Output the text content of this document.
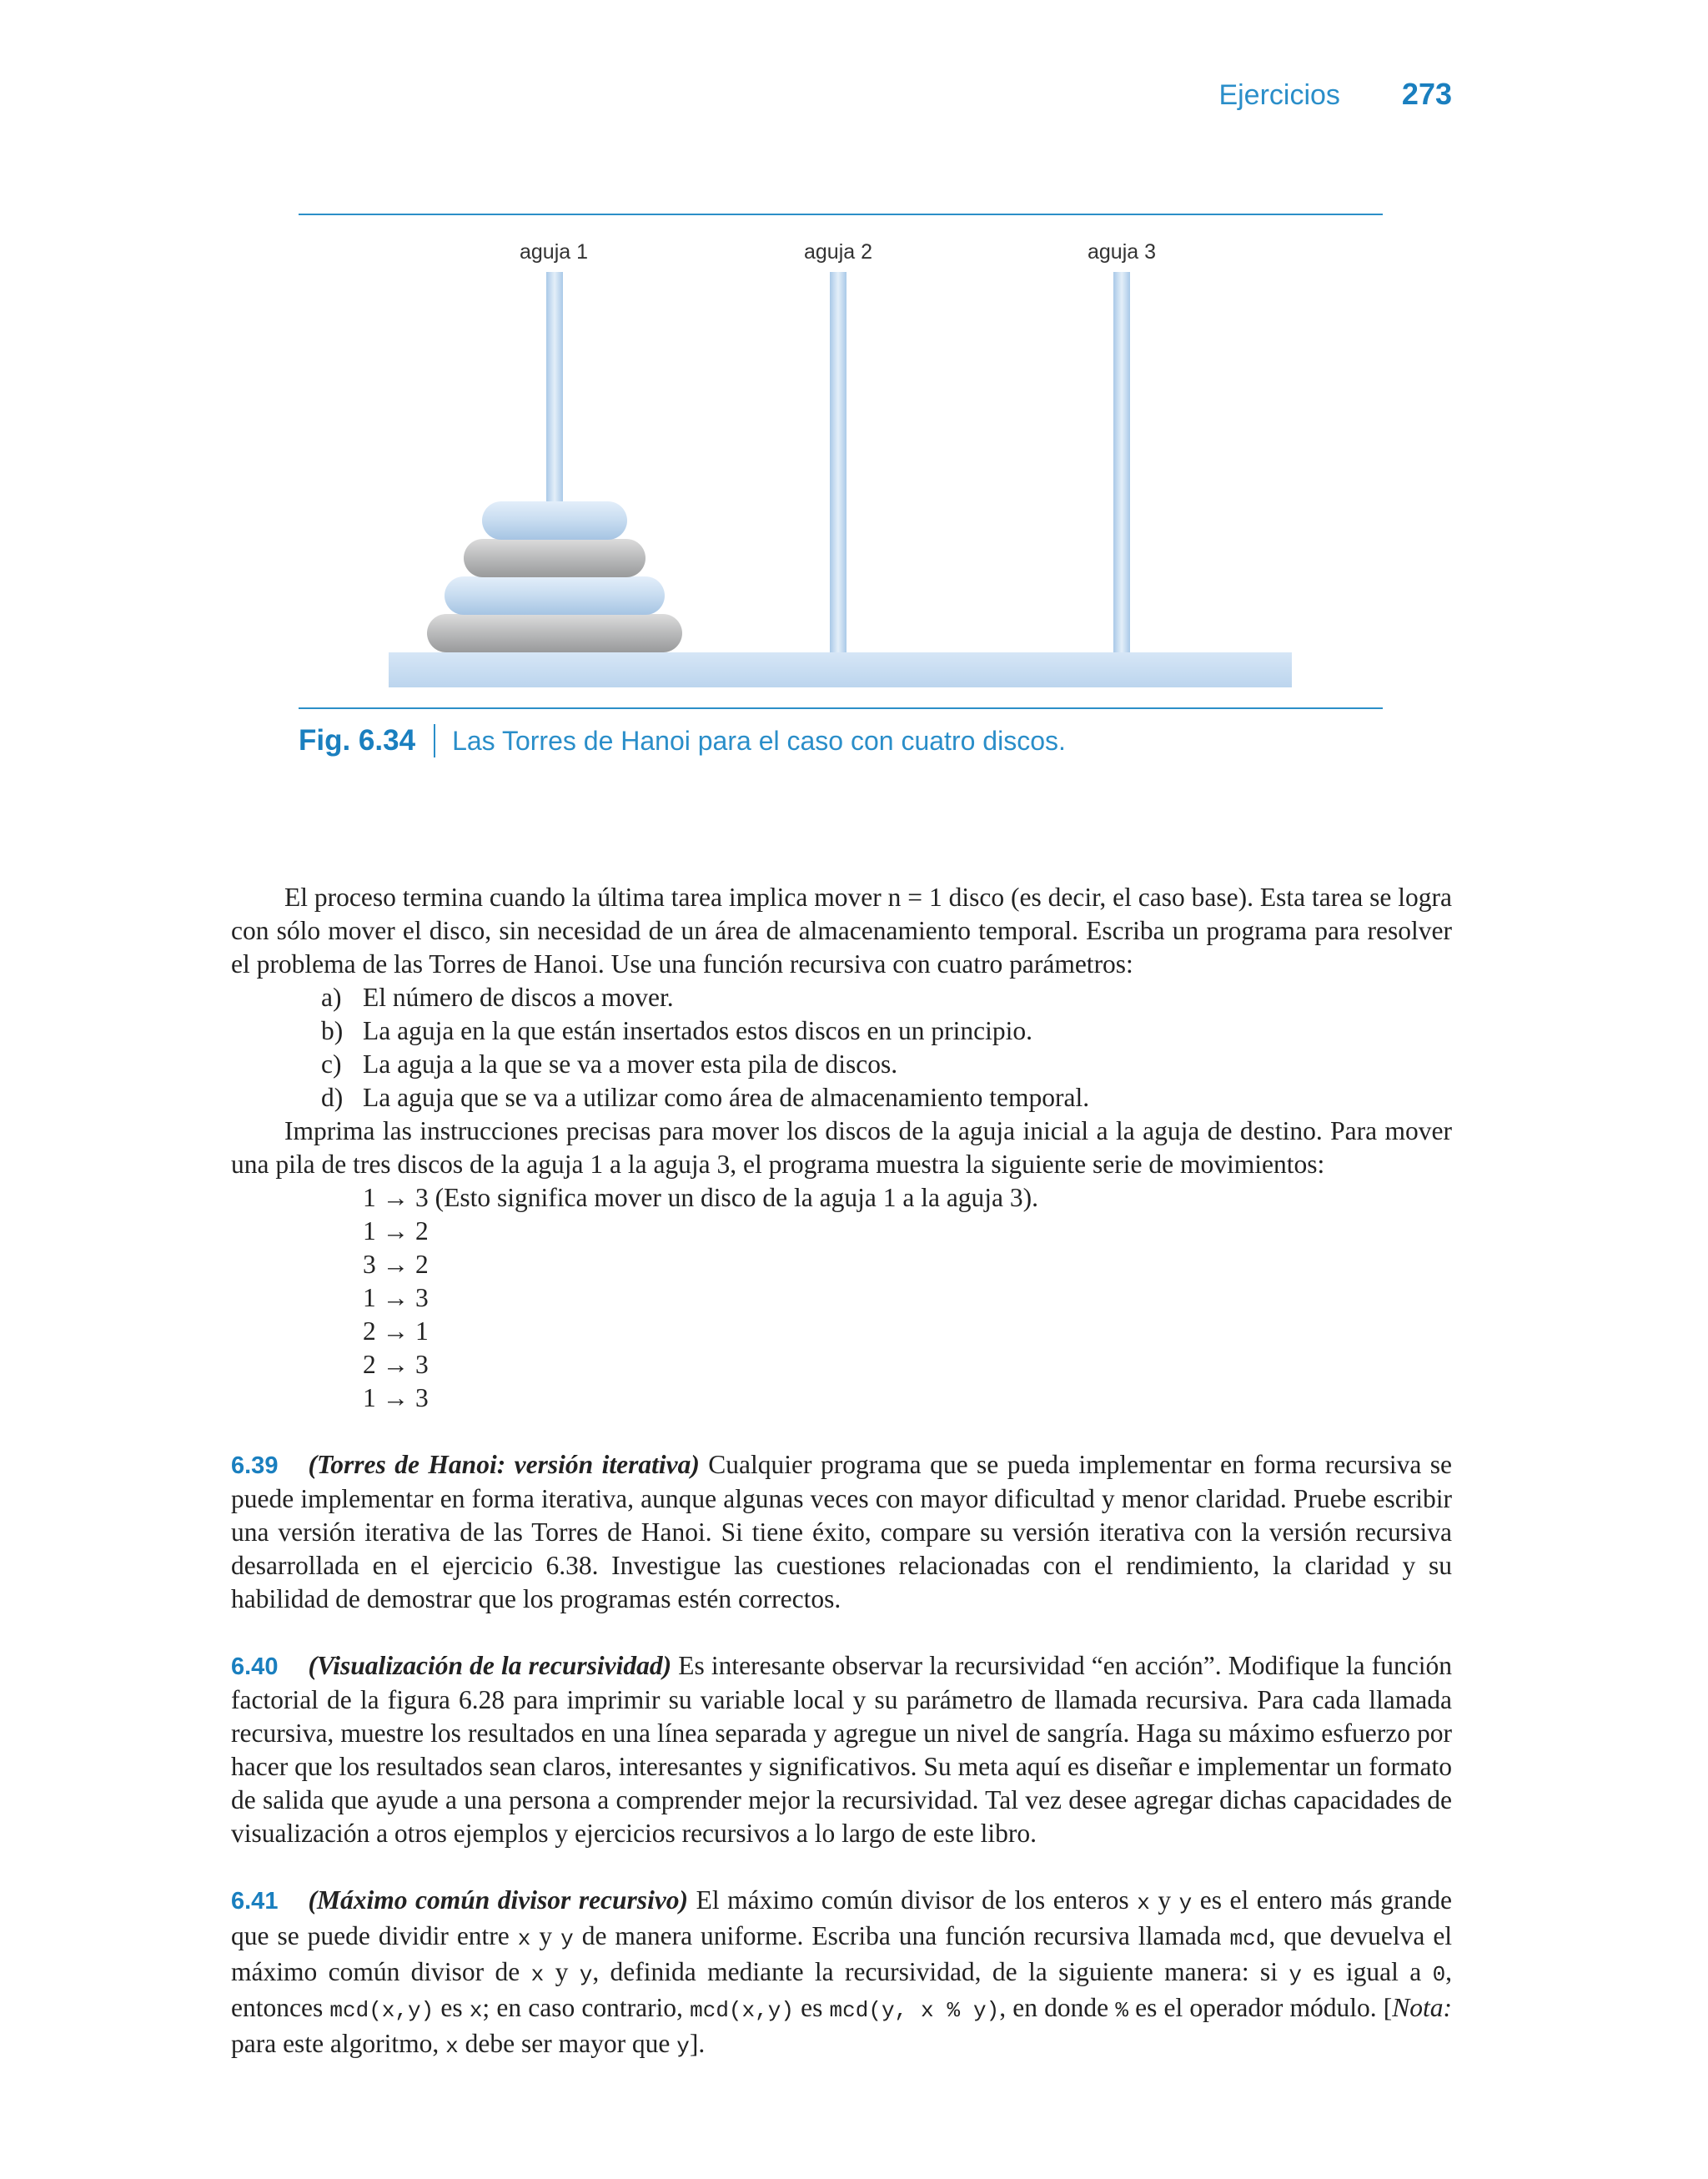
Ejercicios 273
aguja 1	aguja 2	aguja 3
Fig. 6.34 Las Torres de Hanoi para el caso con cuatro discos.

El proceso termina cuando la última tarea implica mover n = 1 disco (es decir, el caso base). Esta tarea se logra con sólo mover el disco, sin necesidad de un área de almacenamiento temporal. Escriba un programa para resolver el problema de las Torres de Hanoi. Use una función recursiva con cuatro parámetros:

a) El número de discos a mover.
b) La aguja en la que están insertados estos discos en un principio.
c) La aguja a la que se va a mover esta pila de discos.
d) La aguja que se va a utilizar como área de almacenamiento temporal.

Imprima las instrucciones precisas para mover los discos de la aguja inicial a la aguja de destino. Para mover una pila de tres discos de la aguja 1 a la aguja 3, el programa muestra la siguiente serie de movimientos:

1 → 3 (Esto significa mover un disco de la aguja 1 a la aguja 3).
1 → 2
3 → 2
1 → 3
2 → 1
2 → 3
1 → 3

6.39 (Torres de Hanoi: versión iterativa) Cualquier programa que se pueda implementar en forma recursiva se puede implementar en forma iterativa, aunque algunas veces con mayor dificultad y menor claridad. Pruebe escribir una versión iterativa de las Torres de Hanoi. Si tiene éxito, compare su versión iterativa con la versión recursiva desarrollada en el ejercicio 6.38. Investigue las cuestiones relacionadas con el rendimiento, la claridad y su habilidad de demostrar que los programas estén correctos.

6.40 (Visualización de la recursividad) Es interesante observar la recursividad “en acción”. Modifique la función factorial de la figura 6.28 para imprimir su variable local y su parámetro de llamada recursiva. Para cada llamada recursiva, muestre los resultados en una línea separada y agregue un nivel de sangría. Haga su máximo esfuerzo por hacer que los resultados sean claros, interesantes y significativos. Su meta aquí es diseñar e implementar un formato de salida que ayude a una persona a comprender mejor la recursividad. Tal vez desee agregar dichas capacidades de visualización a otros ejemplos y ejercicios recursivos a lo largo de este libro.

6.41 (Máximo común divisor recursivo) El máximo común divisor de los enteros x y y es el entero más grande que se puede dividir entre x y y de manera uniforme. Escriba una función recursiva llamada mcd, que devuelva el máximo común divisor de x y y, definida mediante la recursividad, de la siguiente manera: si y es igual a 0, entonces mcd(x,y) es x; en caso contrario, mcd(x,y) es mcd(y, x % y), en donde % es el operador módulo. [Nota: para este algoritmo, x debe ser mayor que y].
